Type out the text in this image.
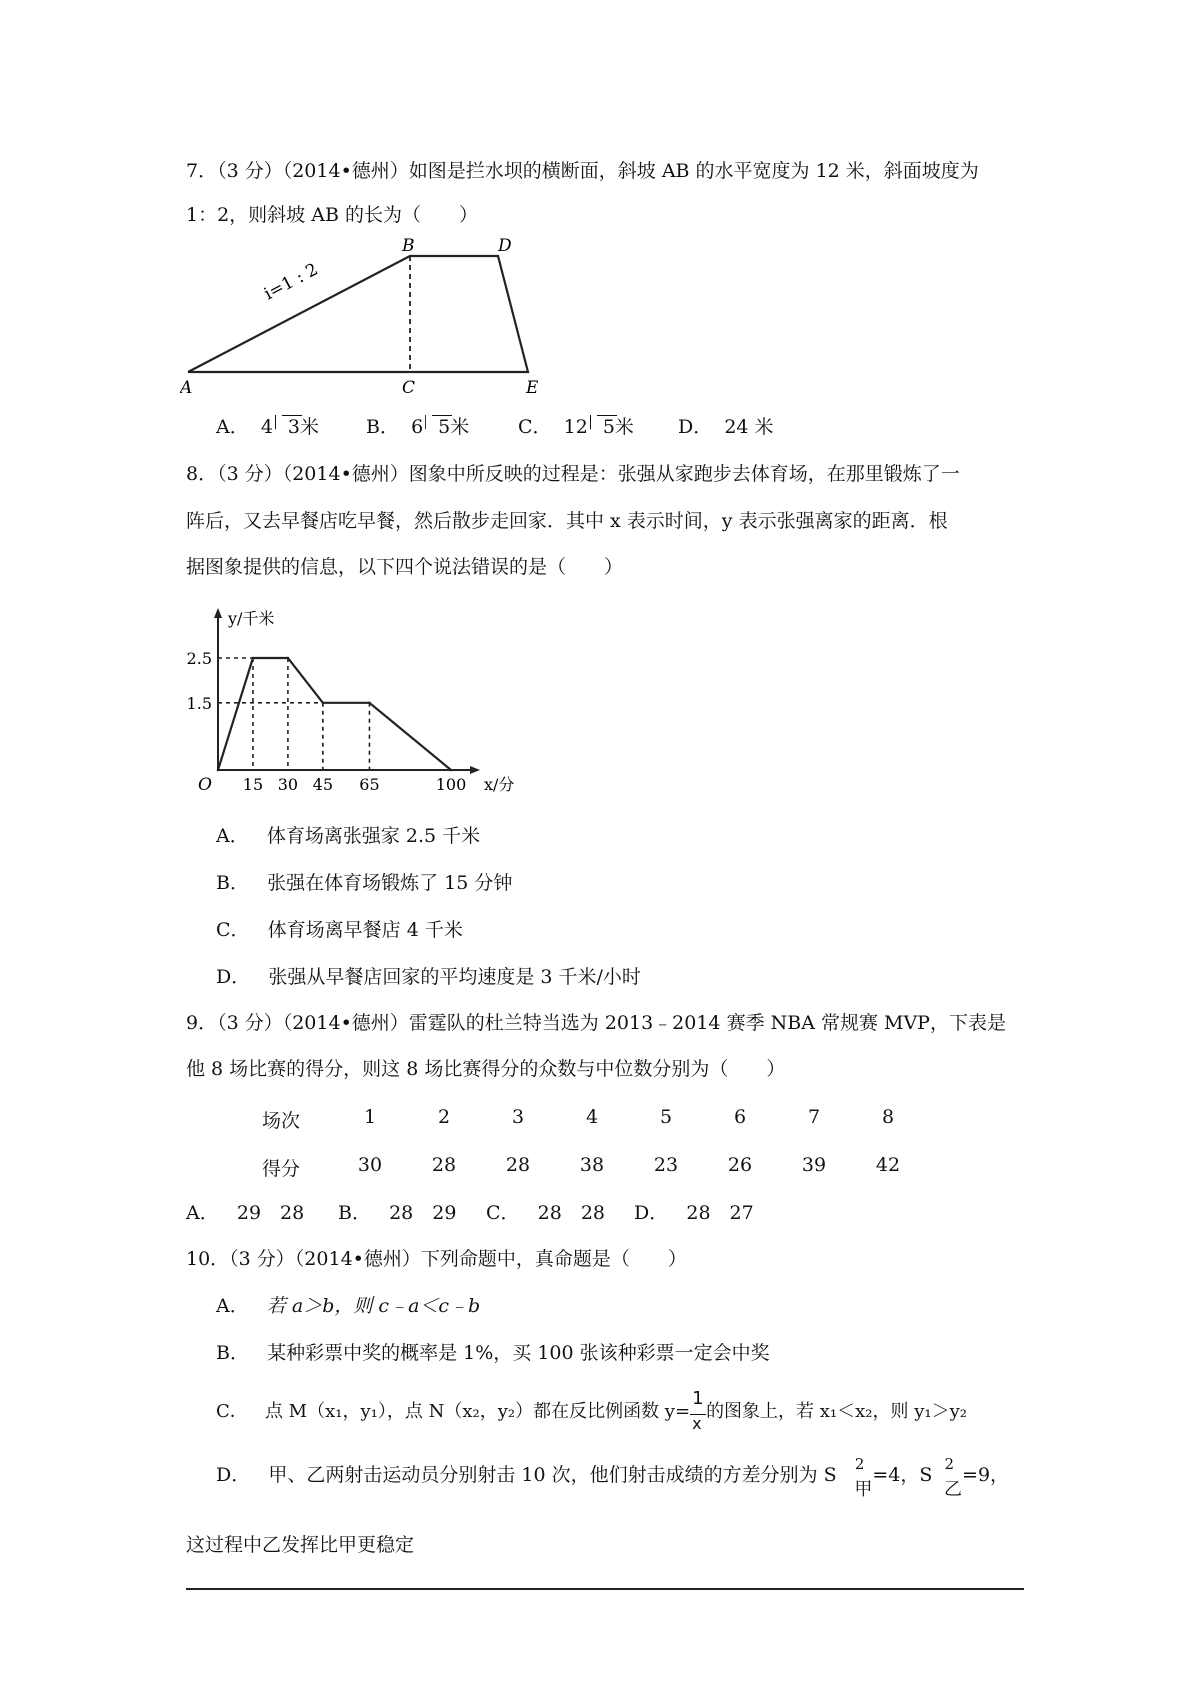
7．（3 分）（2014•德州）如图是拦水坝的横断面，斜坡 AB 的水平宽度为 12 米，斜面坡度为
1：2，则斜坡 AB 的长为（　　）
A
B
C
D
E
i=1 : 2
A． 4 3米 B． 6 5米	C． 12 5米 D． 24 米
8．（3 分）（2014•德州）图象中所反映的过程是：张强从家跑步去体育场，在那里锻炼了一
阵后，又去早餐店吃早餐，然后散步走回家．其中 x 表示时间，y 表示张强离家的距离．根
据图象提供的信息，以下四个说法错误的是（　　）
15 30 45 65	100
2.5
1.5
O	x/分
y/千米
A． 体育场离张强家 2.5 千米
B． 张强在体育场锻炼了 15 分钟
C． 体育场离早餐店 4 千米
D． 张强从早餐店回家的平均速度是 3 千米/小时
9．（3 分）（2014•德州）雷霆队的杜兰特当选为 2013﹣2014 赛季 NBA 常规赛 MVP，下表是
他 8 场比赛的得分，则这 8 场比赛得分的众数与中位数分别为（　　）
场次	1	2	3	4	5	6	7	8
得分	30	28	28	38	23	26	39	42
A． 29　28 B． 28　29 C． 28　28 D． 28　27
10．（3 分）（2014•德州）下列命题中，真命题是（　　）
A． 若 a＞b，则 c﹣a＜c﹣b
B． 某种彩票中奖的概率是 1%，买 100 张该种彩票一定会中奖
C． 点 M（x₁，y₁），点 N（x₂，y₂）都在反比例函数 y=
$\frac{1}{x}$
的图象上，若 x₁＜x₂，则 y₁＞y₂
D． 甲、乙两射击运动员分别射击 10 次，他们射击成绩的方差分别为 S $^2$甲=4，S $^2$乙=9，
这过程中乙发挥比甲更稳定
